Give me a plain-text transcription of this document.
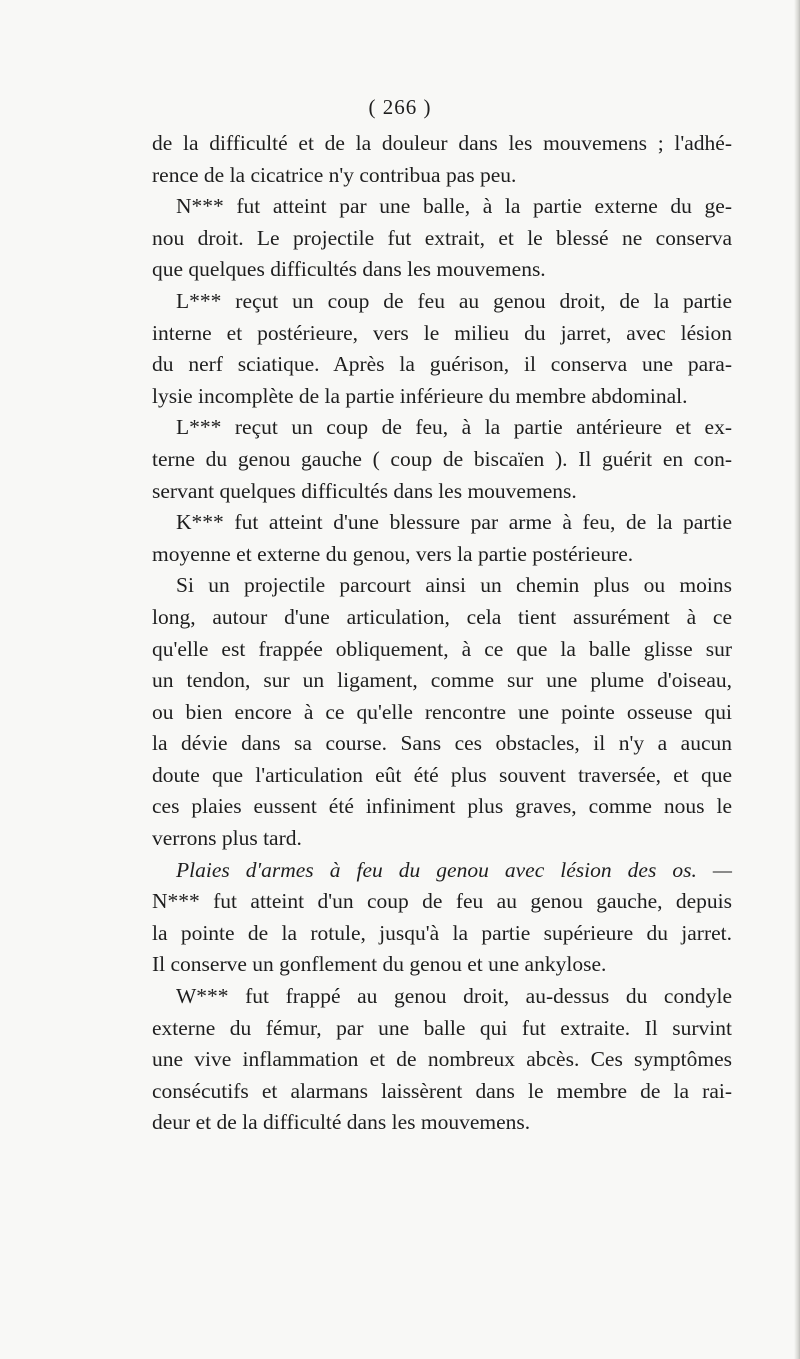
( 266 )
de la difficulté et de la douleur dans les mouvemens ; l'adhé-
rence de la cicatrice n'y contribua pas peu.
N*** fut atteint par une balle, à la partie externe du ge-
nou droit. Le projectile fut extrait, et le blessé ne conserva
que quelques difficultés dans les mouvemens.
L*** reçut un coup de feu au genou droit, de la partie
interne et postérieure, vers le milieu du jarret, avec lésion
du nerf sciatique. Après la guérison, il conserva une para-
lysie incomplète de la partie inférieure du membre abdominal.
L*** reçut un coup de feu, à la partie antérieure et ex-
terne du genou gauche ( coup de biscaïen ). Il guérit en con-
servant quelques difficultés dans les mouvemens.
K*** fut atteint d'une blessure par arme à feu, de la partie
moyenne et externe du genou, vers la partie postérieure.
Si un projectile parcourt ainsi un chemin plus ou moins
long, autour d'une articulation, cela tient assurément à ce
qu'elle est frappée obliquement, à ce que la balle glisse sur
un tendon, sur un ligament, comme sur une plume d'oiseau,
ou bien encore à ce qu'elle rencontre une pointe osseuse qui
la dévie dans sa course. Sans ces obstacles, il n'y a aucun
doute que l'articulation eût été plus souvent traversée, et que
ces plaies eussent été infiniment plus graves, comme nous le
verrons plus tard.
Plaies d'armes à feu du genou avec lésion des os. —
N*** fut atteint d'un coup de feu au genou gauche, depuis
la pointe de la rotule, jusqu'à la partie supérieure du jarret.
Il conserve un gonflement du genou et une ankylose.
W*** fut frappé au genou droit, au-dessus du condyle
externe du fémur, par une balle qui fut extraite. Il survint
une vive inflammation et de nombreux abcès. Ces symptômes
consécutifs et alarmans laissèrent dans le membre de la rai-
deur et de la difficulté dans les mouvemens.
